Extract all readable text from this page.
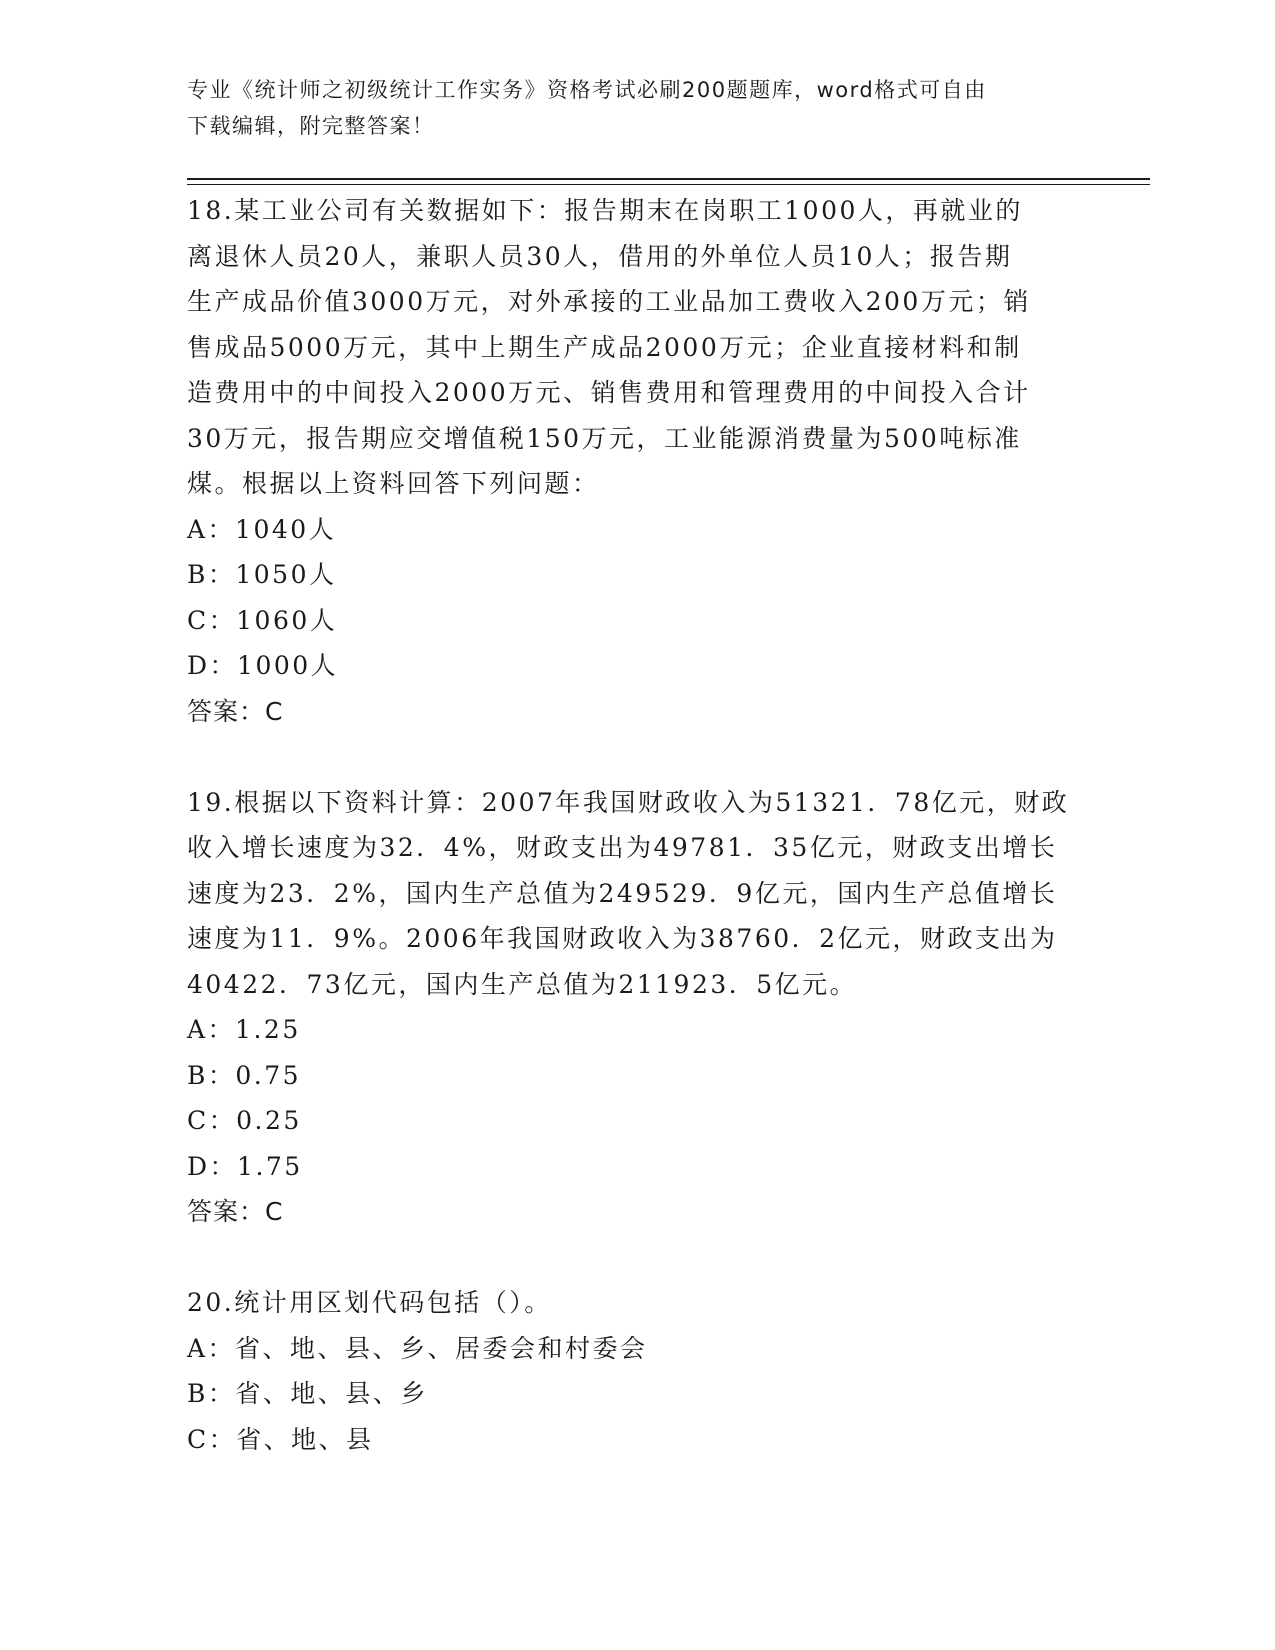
专业《统计师之初级统计工作实务》资格考试必刷200题题库，word格式可自由
下载编辑，附完整答案！
18.某工业公司有关数据如下：报告期末在岗职工1000人，再就业的
离退休人员20人，兼职人员30人，借用的外单位人员10人；报告期
生产成品价值3000万元，对外承接的工业品加工费收入200万元；销
售成品5000万元，其中上期生产成品2000万元；企业直接材料和制
造费用中的中间投入2000万元、销售费用和管理费用的中间投入合计
30万元，报告期应交增值税150万元，工业能源消费量为500吨标准
煤。根据以上资料回答下列问题：
A：1040人
B：1050人
C：1060人
D：1000人
答案：C
19.根据以下资料计算：2007年我国财政收入为51321．78亿元，财政
收入增长速度为32．4%，财政支出为49781．35亿元，财政支出增长
速度为23．2%，国内生产总值为249529．9亿元，国内生产总值增长
速度为11．9%。2006年我国财政收入为38760．2亿元，财政支出为
40422．73亿元，国内生产总值为211923．5亿元。
A：1.25
B：0.75
C：0.25
D：1.75
答案：C
20.统计用区划代码包括（）。
A：省、地、县、乡、居委会和村委会
B：省、地、县、乡
C：省、地、县
